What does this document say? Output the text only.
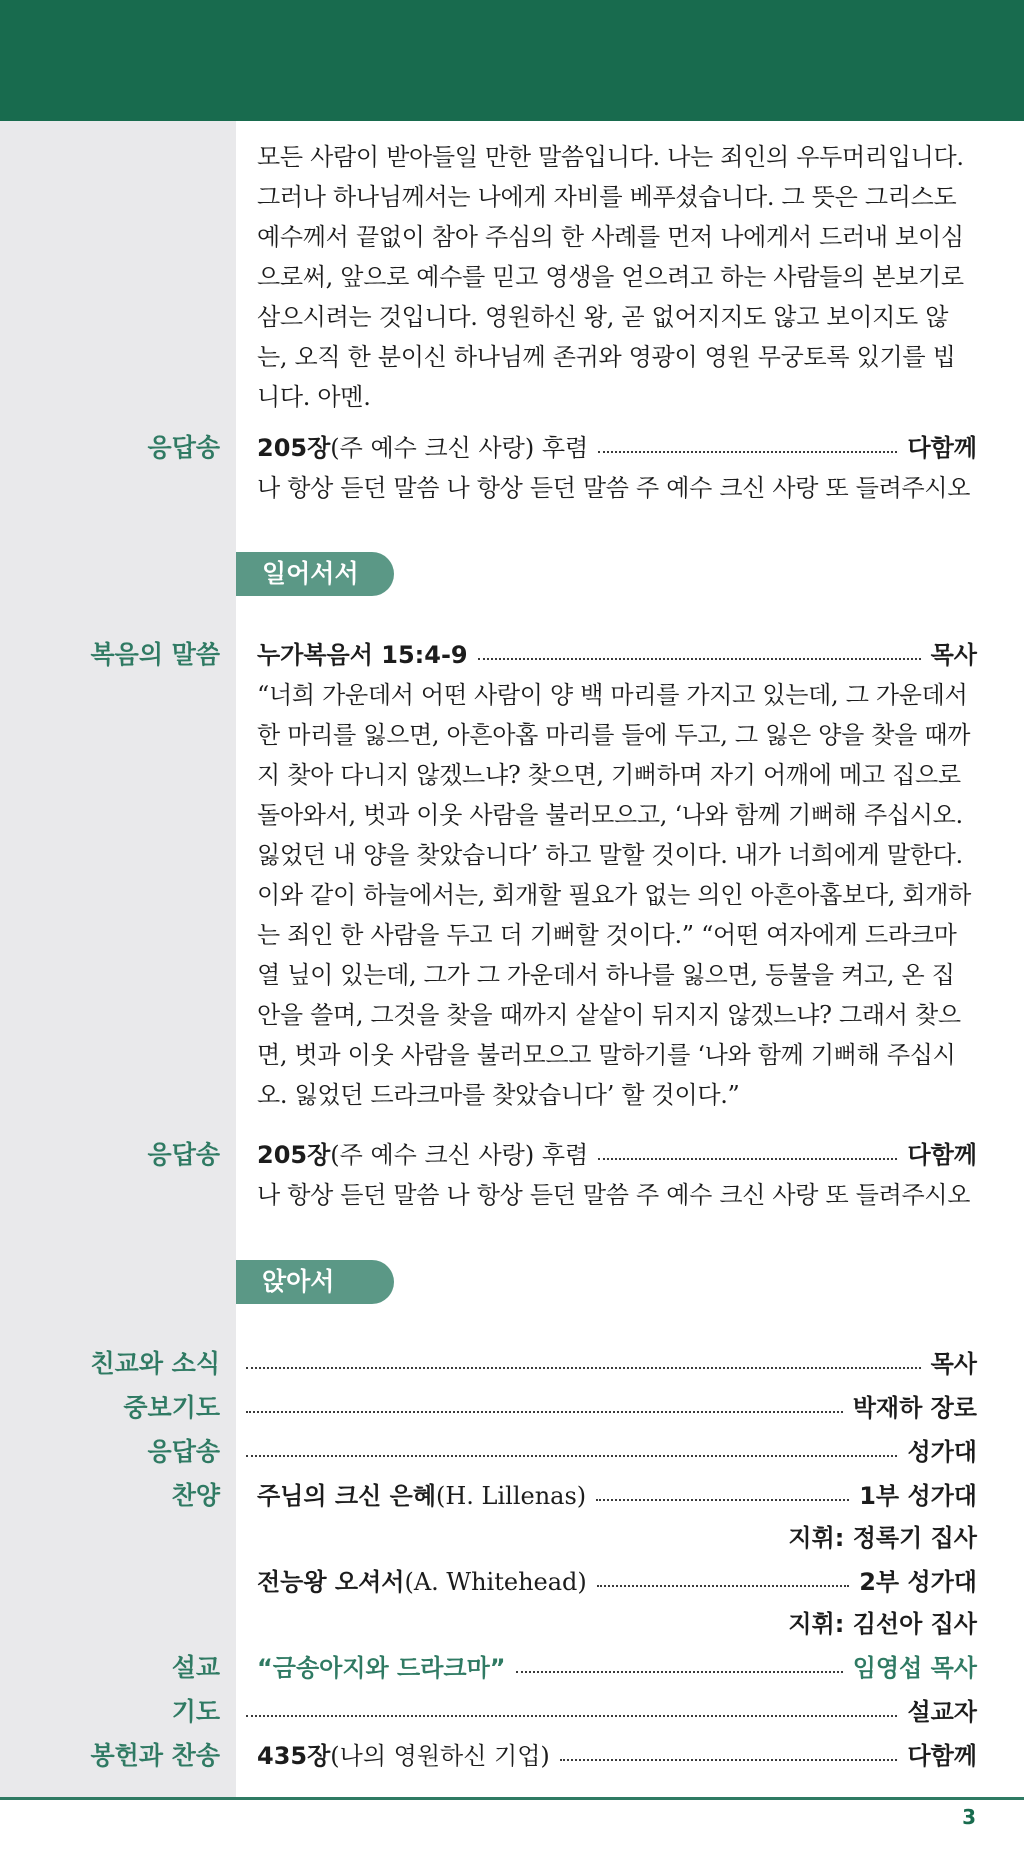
모든 사람이 받아들일 만한 말씀입니다. 나는 죄인의 우두머리입니다. 그러나 하나님께서는 나에게 자비를 베푸셨습니다. 그 뜻은 그리스도 예수께서 끝없이 참아 주심의 한 사례를 먼저 나에게서 드러내 보이심으로써, 앞으로 예수를 믿고 영생을 얻으려고 하는 사람들의 본보기로 삼으시려는 것입니다. 영원하신 왕, 곧 없어지지도 않고 보이지도 않는, 오직 한 분이신 하나님께 존귀와 영광이 영원 무궁토록 있기를 빕니다. 아멘.

응답송 205장 (주 예수 크신 사랑) 후렴	다함께
나 항상 듣던 말씀 나 항상 듣던 말씀 주 예수 크신 사랑 또 들려주시오
일어서서
복음의 말씀 누가복음서 15:4-9	목사

“너희 가운데서 어떤 사람이 양 백 마리를 가지고 있는데, 그 가운데서 한 마리를 잃으면, 아흔아홉 마리를 들에 두고, 그 잃은 양을 찾을 때까지 찾아 다니지 않겠느냐? 찾으면, 기뻐하며 자기 어깨에 메고 집으로 돌아와서, 벗과 이웃 사람을 불러모으고, ‘나와 함께 기뻐해 주십시오. 잃었던 내 양을 찾았습니다’ 하고 말할 것이다. 내가 너희에게 말한다. 이와 같이 하늘에서는, 회개할 필요가 없는 의인 아흔아홉보다, 회개하는 죄인 한 사람을 두고 더 기뻐할 것이다.” “어떤 여자에게 드라크마 열 닢이 있는데, 그가 그 가운데서 하나를 잃으면, 등불을 켜고, 온 집안을 쓸며, 그것을 찾을 때까지 샅샅이 뒤지지 않겠느냐? 그래서 찾으면, 벗과 이웃 사람을 불러모으고 말하기를 ‘나와 함께 기뻐해 주십시오. 잃었던 드라크마를 찾았습니다’ 할 것이다.”

응답송 205장 (주 예수 크신 사랑) 후렴	다함께
나 항상 듣던 말씀 나 항상 듣던 말씀 주 예수 크신 사랑 또 들려주시오
앉아서
친교와 소식	목사
중보기도	박재하 장로
응답송	성가대
찬양 주님의 크신 은혜 (H. Lillenas)	1부 성가대
지휘: 정록기 집사
전능왕 오셔서 (A. Whitehead)	2부 성가대
지휘: 김선아 집사
설교 “금송아지와 드라크마”	임영섭 목사
기도	설교자
봉헌과 찬송 435장 (나의 영원하신 기업)	다함께
3
